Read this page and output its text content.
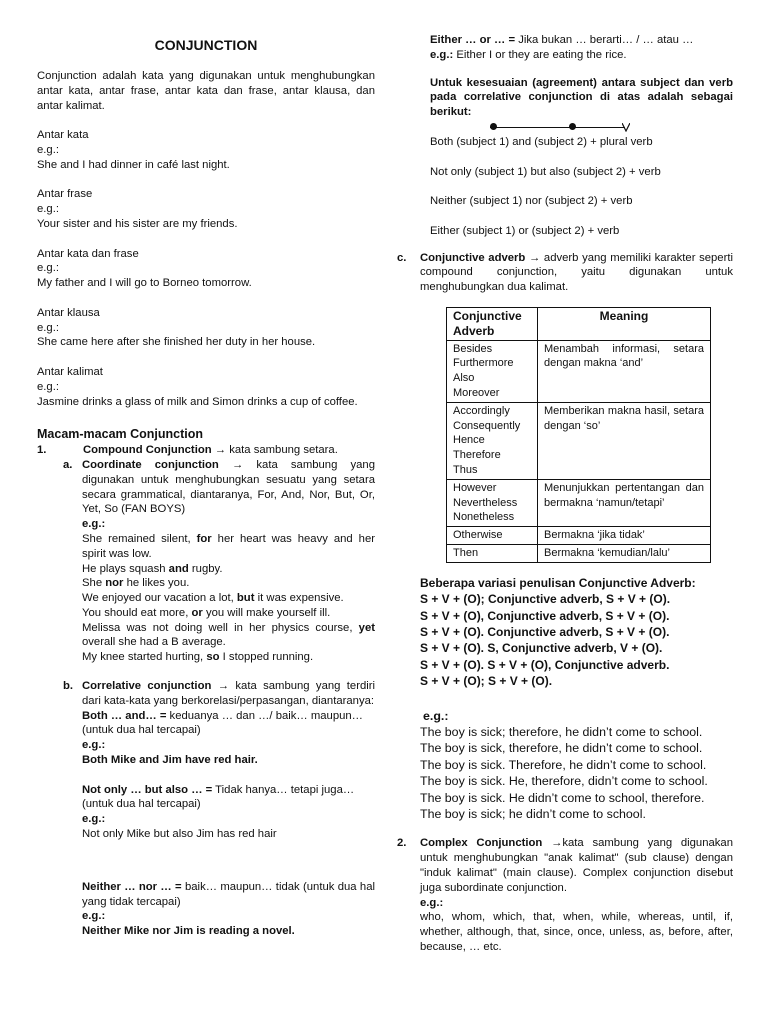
CONJUNCTION
Conjunction adalah kata yang digunakan untuk menghubungkan antar kata, antar frase, antar kata dan frase, antar klausa, dan antar kalimat.
Antar kata
e.g.:
She and I had dinner in café last night.
Antar frase
e.g.:
Your sister and his sister are my friends.
Antar kata dan frase
e.g.:
My father and I will go to Borneo tomorrow.
Antar klausa
e.g.:
She came here after she finished her duty in her house.
Antar kalimat
e.g.:
Jasmine drinks a glass of milk and Simon drinks a cup of coffee.
Macam-macam Conjunction
1.	Compound Conjunction → kata sambung setara.
a. Coordinate conjunction → kata sambung yang digunakan untuk menghubungkan sesuatu yang setara secara grammatical, diantaranya, For, And, Nor, But, Or, Yet, So (FAN BOYS)
e.g.:
She remained silent, for her heart was heavy and her spirit was low.
He plays squash and rugby.
She nor he likes you.
We enjoyed our vacation a lot, but it was expensive.
You should eat more, or you will make yourself ill.
Melissa was not doing well in her physics course, yet overall she had a B average.
My knee started hurting, so I stopped running.
b. Correlative conjunction → kata sambung yang terdiri dari kata-kata yang berkorelasi/perpasangan, diantaranya:
Both … and… = keduanya … dan …/ baik… maupun…
(untuk dua hal tercapai)
e.g.:
Both Mike and Jim have red hair.
Not only … but also … = Tidak hanya… tetapi juga…
(untuk dua hal tercapai)
e.g.:
Not only Mike but also Jim has red hair
Neither … nor … = baik… maupun… tidak (untuk dua hal yang tidak tercapai)
e.g.:
Neither Mike nor Jim is reading a novel.
Either … or … = Jika bukan … berarti… / … atau …
e.g.: Either I or they are eating the rice.
Untuk kesesuaian (agreement) antara subject dan verb pada correlative conjunction di atas adalah sebagai berikut:
Both (subject 1) and (subject 2) + plural verb
Not only (subject 1) but also (subject 2) + verb
Neither (subject 1) nor (subject 2) + verb
Either (subject 1) or (subject 2) + verb
c.	Conjunctive adverb → adverb yang memiliki karakter seperti compound conjunction, yaitu digunakan untuk menghubungkan dua kalimat.
Conjunctive Adverb	Meaning

Besides
Furthermore
Also
Moreover	Menambah informasi, setara dengan makna ‘and’

Accordingly
Consequently
Hence
Therefore
Thus	Memberikan makna hasil, setara dengan ‘so’

However
Nevertheless
Nonetheless	Menunjukkan pertentangan dan bermakna ‘namun/tetapi’
Otherwise	Bermakna ‘jika tidak’
Then	Bermakna ‘kemudian/lalu’
Beberapa variasi penulisan Conjunctive Adverb:
S + V + (O); Conjunctive adverb, S + V + (O).
S + V + (O), Conjunctive adverb, S + V + (O).
S + V + (O). Conjunctive adverb, S + V + (O).
S + V + (O). S, Conjunctive adverb, V + (O).
S + V + (O). S + V + (O), Conjunctive adverb.
S + V + (O); S + V + (O).
e.g.:
The boy is sick; therefore, he didn’t come to school.
The boy is sick, therefore, he didn’t come to school.
The boy is sick. Therefore, he didn’t come to school.
The boy is sick. He, therefore, didn’t come to school.
The boy is sick. He didn’t come to school, therefore.
The boy is sick; he didn’t come to school.
2.	Complex Conjunction →kata sambung yang digunakan untuk menghubungkan "anak kalimat" (sub clause) dengan "induk kalimat" (main clause). Complex conjunction disebut juga subordinate conjunction.
e.g.:
who, whom, which, that, when, while, whereas, until, if, whether, although, that, since, once, unless, as, before, after, because, … etc.
